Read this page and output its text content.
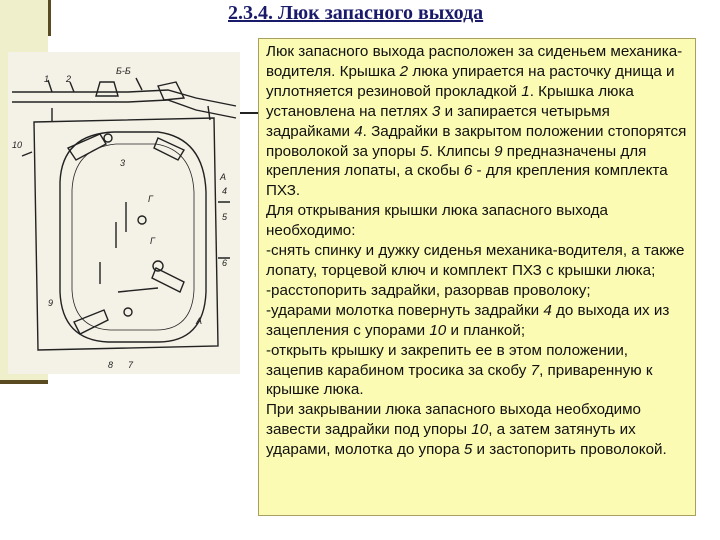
2.3.4. Люк запасного выхода
Б-Б
1 2
10
3
А
4
Г
5
6
Г
А
8 7
9

Люк запасного выхода расположен за сиденьем механика-водителя. Крышка 2 люка упирается на расточку днища и уплотняется резиновой прокладкой 1. Крышка люка установлена на петлях 3 и запирается четырьмя задрайками 4. Задрайки в закрытом положении стопорятся проволокой за упоры 5. Клипсы 9 предназначены для крепления лопаты, а скобы 6 - для крепления комплекта ПХЗ.

Для открывания крышки люка запасного выхода необходимо:

-снять спинку и дужку сиденья механика-водителя, а также лопату, торцевой ключ и комплект ПХЗ с крышки люка;

-расстопорить задрайки, разорвав проволоку;

-ударами молотка повернуть задрайки 4 до выхода их из зацепления с упорами 10 и планкой;

-открыть крышку и закрепить ее в этом положении, зацепив карабином тросика за скобу 7, приваренную к крышке люка.

При закрывании люка запасного выхода необходимо завести задрайки под упоры 10, а затем затянуть их ударами, молотка до упора 5 и застопорить проволокой.
